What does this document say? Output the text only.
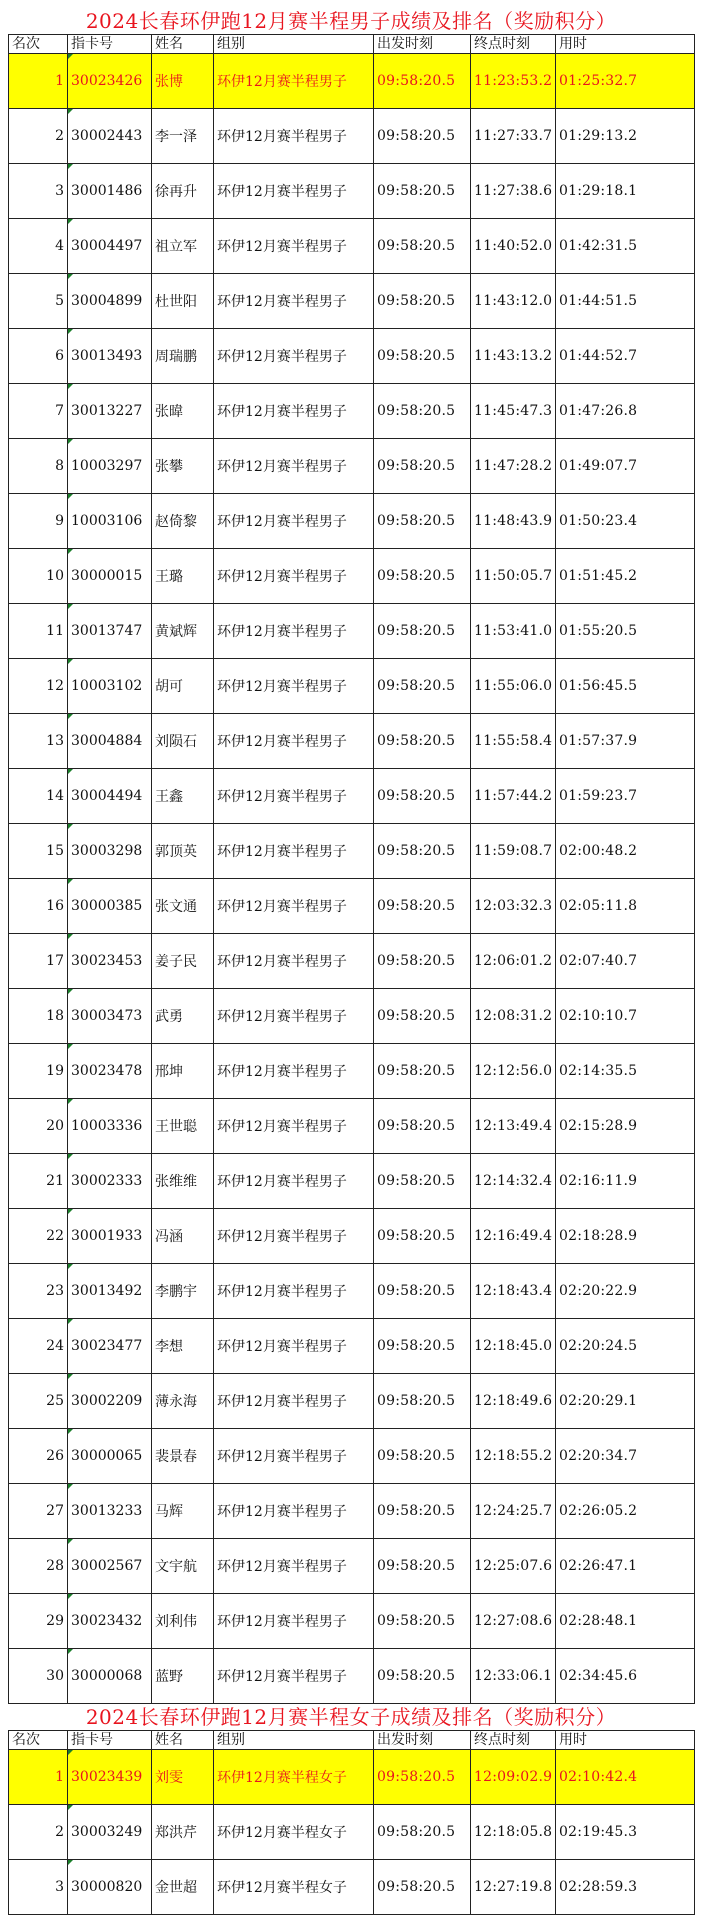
2024长春环伊跑12月赛半程男子成绩及排名（奖励积分）
名次	指卡号	姓名	组别	出发时刻	终点时刻	用时
1	30023426	张博	环伊12月赛半程男子	09:58:20.5	11:23:53.2	01:25:32.7
2	30002443	李一泽	环伊12月赛半程男子	09:58:20.5	11:27:33.7	01:29:13.2
3	30001486	徐再升	环伊12月赛半程男子	09:58:20.5	11:27:38.6	01:29:18.1
4	30004497	祖立军	环伊12月赛半程男子	09:58:20.5	11:40:52.0	01:42:31.5
5	30004899	杜世阳	环伊12月赛半程男子	09:58:20.5	11:43:12.0	01:44:51.5
6	30013493	周瑞鹏	环伊12月赛半程男子	09:58:20.5	11:43:13.2	01:44:52.7
7	30013227	张暐	环伊12月赛半程男子	09:58:20.5	11:45:47.3	01:47:26.8
8	10003297	张攀	环伊12月赛半程男子	09:58:20.5	11:47:28.2	01:49:07.7
9	10003106	赵倚黎	环伊12月赛半程男子	09:58:20.5	11:48:43.9	01:50:23.4
10	30000015	王璐	环伊12月赛半程男子	09:58:20.5	11:50:05.7	01:51:45.2
11	30013747	黄斌辉	环伊12月赛半程男子	09:58:20.5	11:53:41.0	01:55:20.5
12	10003102	胡可	环伊12月赛半程男子	09:58:20.5	11:55:06.0	01:56:45.5
13	30004884	刘陨石	环伊12月赛半程男子	09:58:20.5	11:55:58.4	01:57:37.9
14	30004494	王鑫	环伊12月赛半程男子	09:58:20.5	11:57:44.2	01:59:23.7
15	30003298	郭顶英	环伊12月赛半程男子	09:58:20.5	11:59:08.7	02:00:48.2
16	30000385	张文通	环伊12月赛半程男子	09:58:20.5	12:03:32.3	02:05:11.8
17	30023453	姜子民	环伊12月赛半程男子	09:58:20.5	12:06:01.2	02:07:40.7
18	30003473	武勇	环伊12月赛半程男子	09:58:20.5	12:08:31.2	02:10:10.7
19	30023478	邢坤	环伊12月赛半程男子	09:58:20.5	12:12:56.0	02:14:35.5
20	10003336	王世聪	环伊12月赛半程男子	09:58:20.5	12:13:49.4	02:15:28.9
21	30002333	张维维	环伊12月赛半程男子	09:58:20.5	12:14:32.4	02:16:11.9
22	30001933	冯涵	环伊12月赛半程男子	09:58:20.5	12:16:49.4	02:18:28.9
23	30013492	李鹏宇	环伊12月赛半程男子	09:58:20.5	12:18:43.4	02:20:22.9
24	30023477	李想	环伊12月赛半程男子	09:58:20.5	12:18:45.0	02:20:24.5
25	30002209	薄永海	环伊12月赛半程男子	09:58:20.5	12:18:49.6	02:20:29.1
26	30000065	裴景春	环伊12月赛半程男子	09:58:20.5	12:18:55.2	02:20:34.7
27	30013233	马辉	环伊12月赛半程男子	09:58:20.5	12:24:25.7	02:26:05.2
28	30002567	文宇航	环伊12月赛半程男子	09:58:20.5	12:25:07.6	02:26:47.1
29	30023432	刘利伟	环伊12月赛半程男子	09:58:20.5	12:27:08.6	02:28:48.1
30	30000068	蓝野	环伊12月赛半程男子	09:58:20.5	12:33:06.1	02:34:45.6
2024长春环伊跑12月赛半程女子成绩及排名（奖励积分）
名次	指卡号	姓名	组别	出发时刻	终点时刻	用时
1	30023439	刘雯	环伊12月赛半程女子	09:58:20.5	12:09:02.9	02:10:42.4
2	30003249	郑洪芹	环伊12月赛半程女子	09:58:20.5	12:18:05.8	02:19:45.3
3	30000820	金世超	环伊12月赛半程女子	09:58:20.5	12:27:19.8	02:28:59.3
